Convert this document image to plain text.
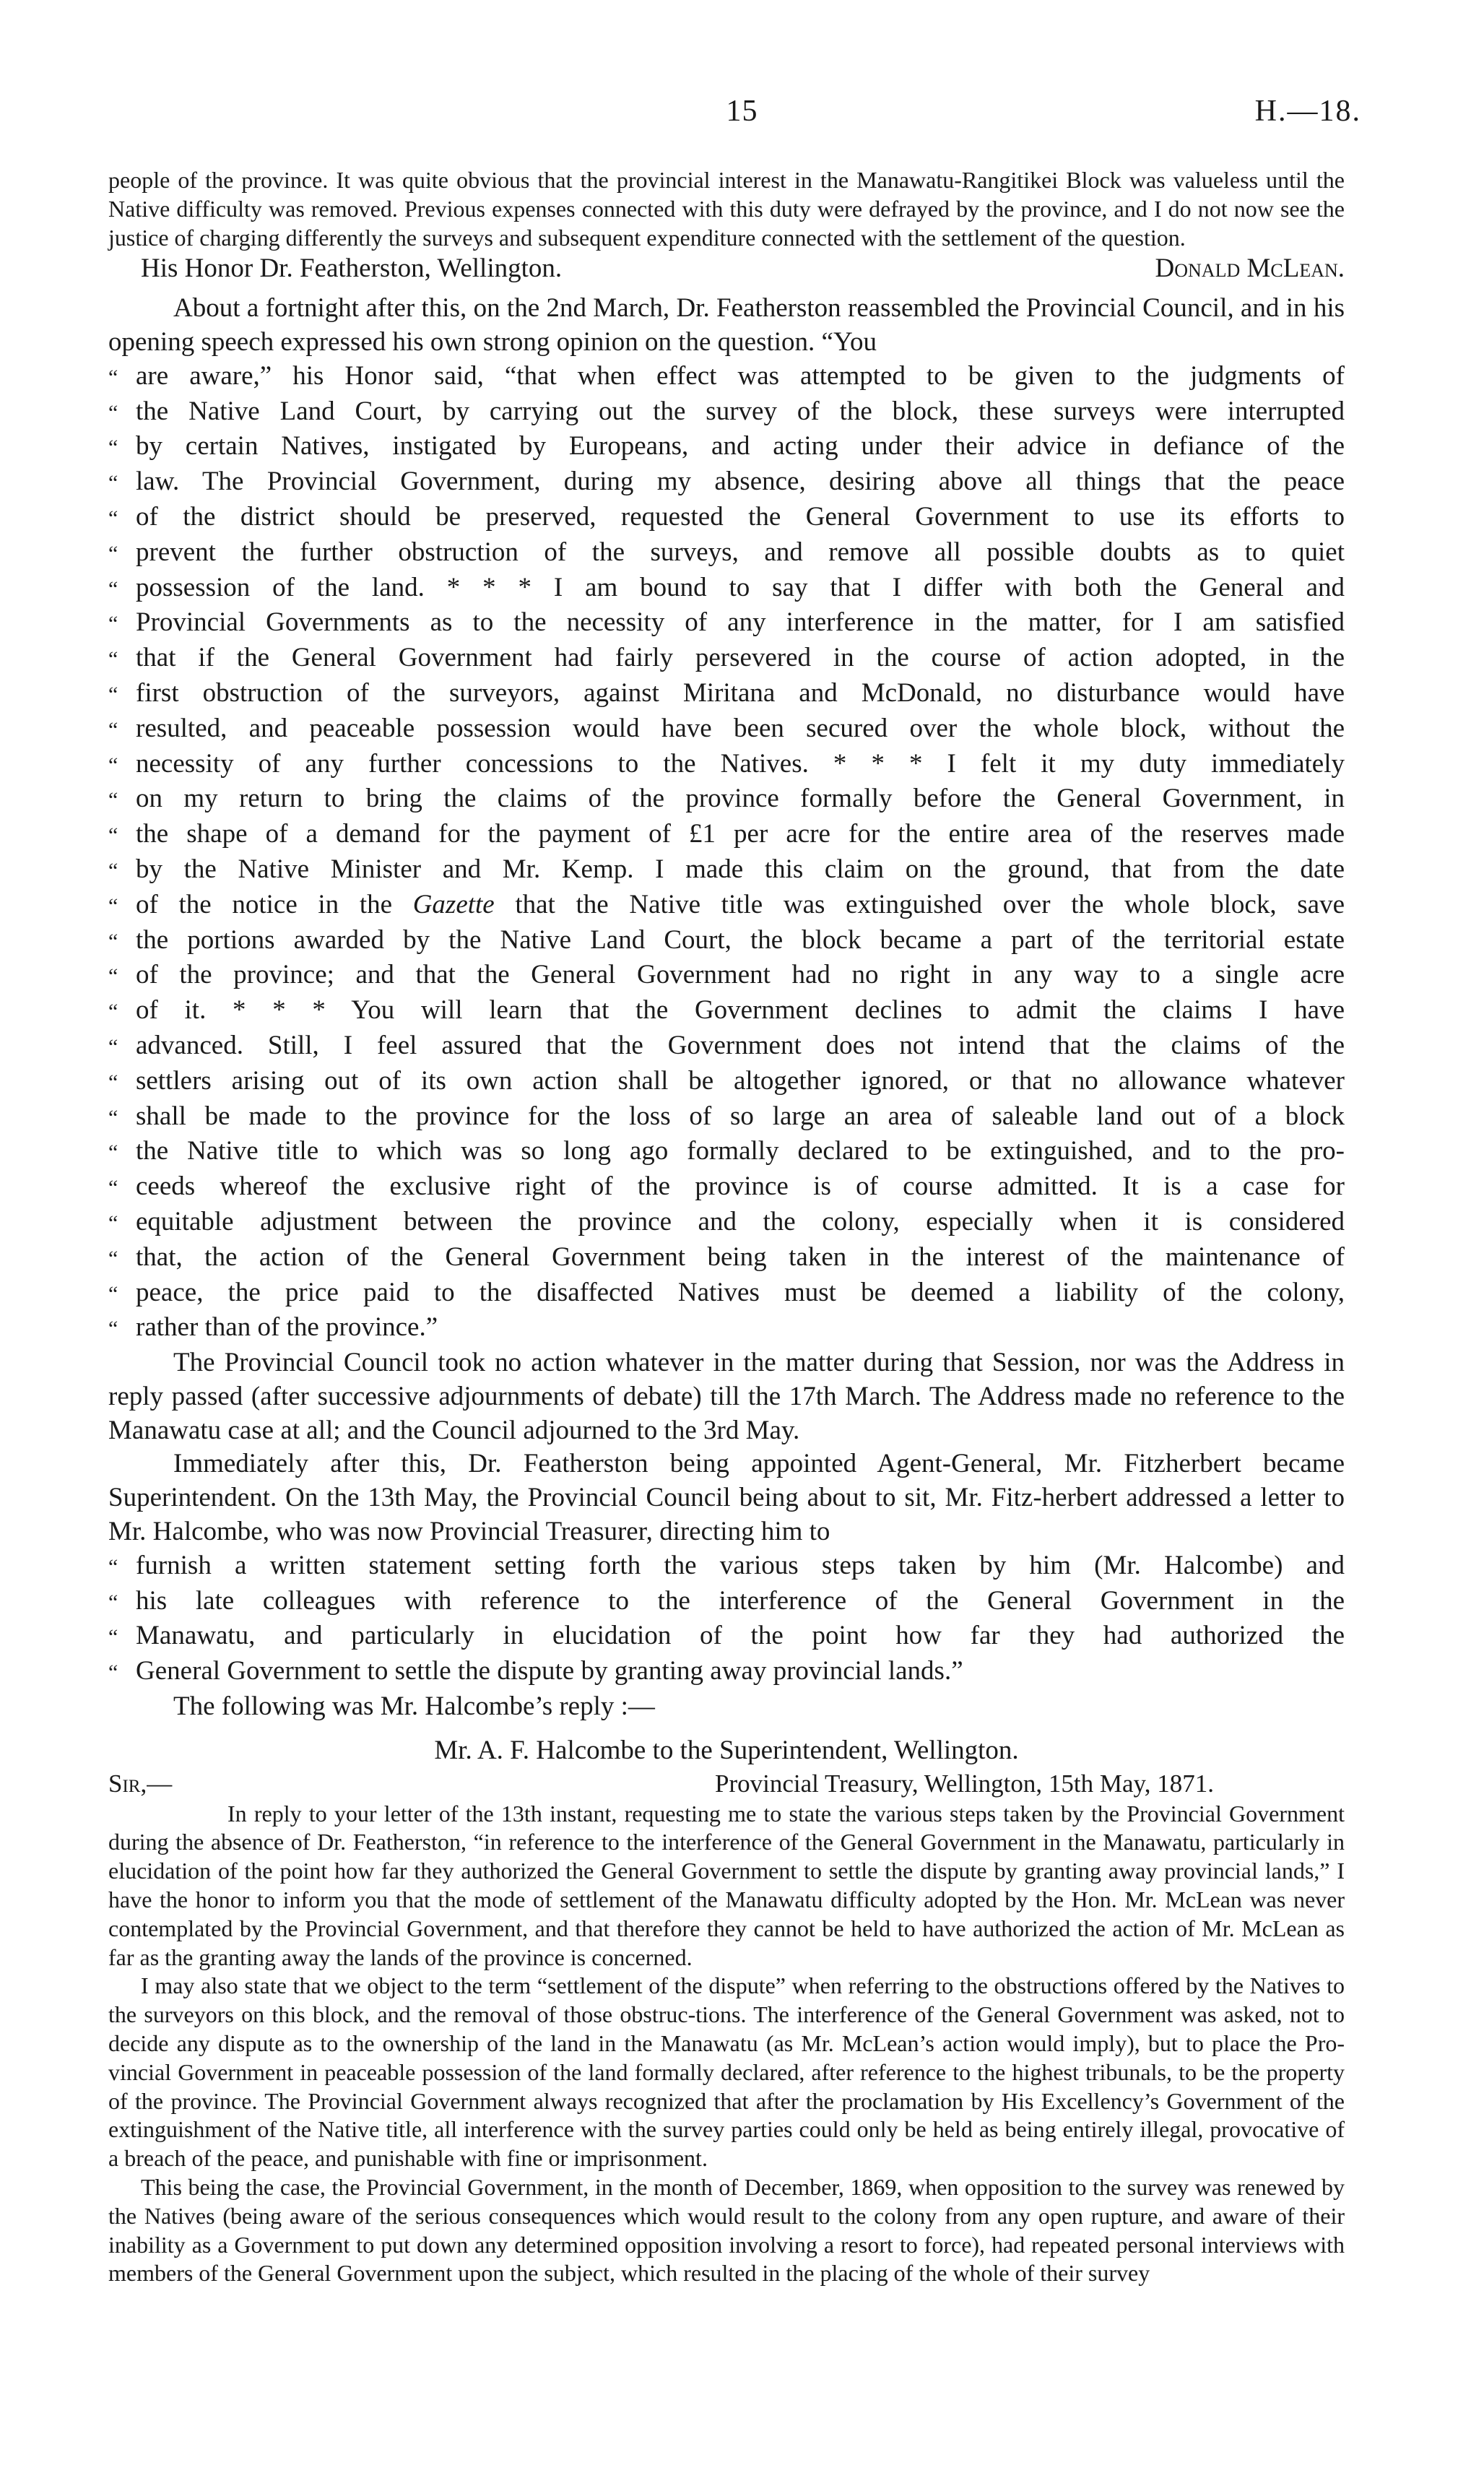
15	H.—18.

people of the province. It was quite obvious that the provincial interest in the Manawatu-Rangitikei Block was valueless until the Native difficulty was removed. Previous expenses connected with this duty were defrayed by the province, and I do not now see the justice of charging differently the surveys and subsequent expenditure connected with the settlement of the question.

His Honor Dr. Featherston, Wellington.	Donald McLean.

About a fortnight after this, on the 2nd March, Dr. Featherston reassembled the Provincial Council, and in his opening speech expressed his own strong opinion on the question. “You

“ are aware,” his Honor said, “that when effect was attempted to be given to the judgments of
“ the Native Land Court, by carrying out the survey of the block, these surveys were interrupted
“ by certain Natives, instigated by Europeans, and acting under their advice in defiance of the
“ law. The Provincial Government, during my absence, desiring above all things that the peace
“ of the district should be preserved, requested the General Government to use its efforts to
“ prevent the further obstruction of the surveys, and remove all possible doubts as to quiet
“ possession of the land. * * * I am bound to say that I differ with both the General and
“ Provincial Governments as to the necessity of any interference in the matter, for I am satisfied
“ that if the General Government had fairly persevered in the course of action adopted, in the
“ first obstruction of the surveyors, against Miritana and McDonald, no disturbance would have
“ resulted, and peaceable possession would have been secured over the whole block, without the
“ necessity of any further concessions to the Natives. * * * I felt it my duty immediately
“ on my return to bring the claims of the province formally before the General Government, in
“ the shape of a demand for the payment of £1 per acre for the entire area of the reserves made
“ by the Native Minister and Mr. Kemp. I made this claim on the ground, that from the date
“ of the notice in the Gazette that the Native title was extinguished over the whole block, save
“ the portions awarded by the Native Land Court, the block became a part of the territorial estate
“ of the province; and that the General Government had no right in any way to a single acre
“ of it. * * * You will learn that the Government declines to admit the claims I have
“ advanced. Still, I feel assured that the Government does not intend that the claims of the
“ settlers arising out of its own action shall be altogether ignored, or that no allowance whatever
“ shall be made to the province for the loss of so large an area of saleable land out of a block
“ the Native title to which was so long ago formally declared to be extinguished, and to the pro-
“ ceeds whereof the exclusive right of the province is of course admitted. It is a case for
“ equitable adjustment between the province and the colony, especially when it is considered
“ that, the action of the General Government being taken in the interest of the maintenance of
“ peace, the price paid to the disaffected Natives must be deemed a liability of the colony,
“ rather than of the province.”

The Provincial Council took no action whatever in the matter during that Session, nor was the Address in reply passed (after successive adjournments of debate) till the 17th March. The Address made no reference to the Manawatu case at all; and the Council adjourned to the 3rd May.

Immediately after this, Dr. Featherston being appointed Agent-General, Mr. Fitzherbert became Superintendent. On the 13th May, the Provincial Council being about to sit, Mr. Fitz-herbert addressed a letter to Mr. Halcombe, who was now Provincial Treasurer, directing him to

“ furnish a written statement setting forth the various steps taken by him (Mr. Halcombe) and
“ his late colleagues with reference to the interference of the General Government in the
“ Manawatu, and particularly in elucidation of the point how far they had authorized the
“ General Government to settle the dispute by granting away provincial lands.”

The following was Mr. Halcombe’s reply :—

Mr. A. F. Halcombe to the Superintendent, Wellington.
Sir,—	Provincial Treasury, Wellington, 15th May, 1871.

In reply to your letter of the 13th instant, requesting me to state the various steps taken by the Provincial Government during the absence of Dr. Featherston, “in reference to the interference of the General Government in the Manawatu, particularly in elucidation of the point how far they authorized the General Government to settle the dispute by granting away provincial lands,” I have the honor to inform you that the mode of settlement of the Manawatu difficulty adopted by the Hon. Mr. McLean was never contemplated by the Provincial Government, and that therefore they cannot be held to have authorized the action of Mr. McLean as far as the granting away the lands of the province is concerned.

I may also state that we object to the term “settlement of the dispute” when referring to the obstructions offered by the Natives to the surveyors on this block, and the removal of those obstruc-tions. The interference of the General Government was asked, not to decide any dispute as to the ownership of the land in the Manawatu (as Mr. McLean’s action would imply), but to place the Pro-vincial Government in peaceable possession of the land formally declared, after reference to the highest tribunals, to be the property of the province. The Provincial Government always recognized that after the proclamation by His Excellency’s Government of the extinguishment of the Native title, all interference with the survey parties could only be held as being entirely illegal, provocative of a breach of the peace, and punishable with fine or imprisonment.

This being the case, the Provincial Government, in the month of December, 1869, when opposition to the survey was renewed by the Natives (being aware of the serious consequences which would result to the colony from any open rupture, and aware of their inability as a Government to put down any determined opposition involving a resort to force), had repeated personal interviews with members of the General Government upon the subject, which resulted in the placing of the whole of their survey
